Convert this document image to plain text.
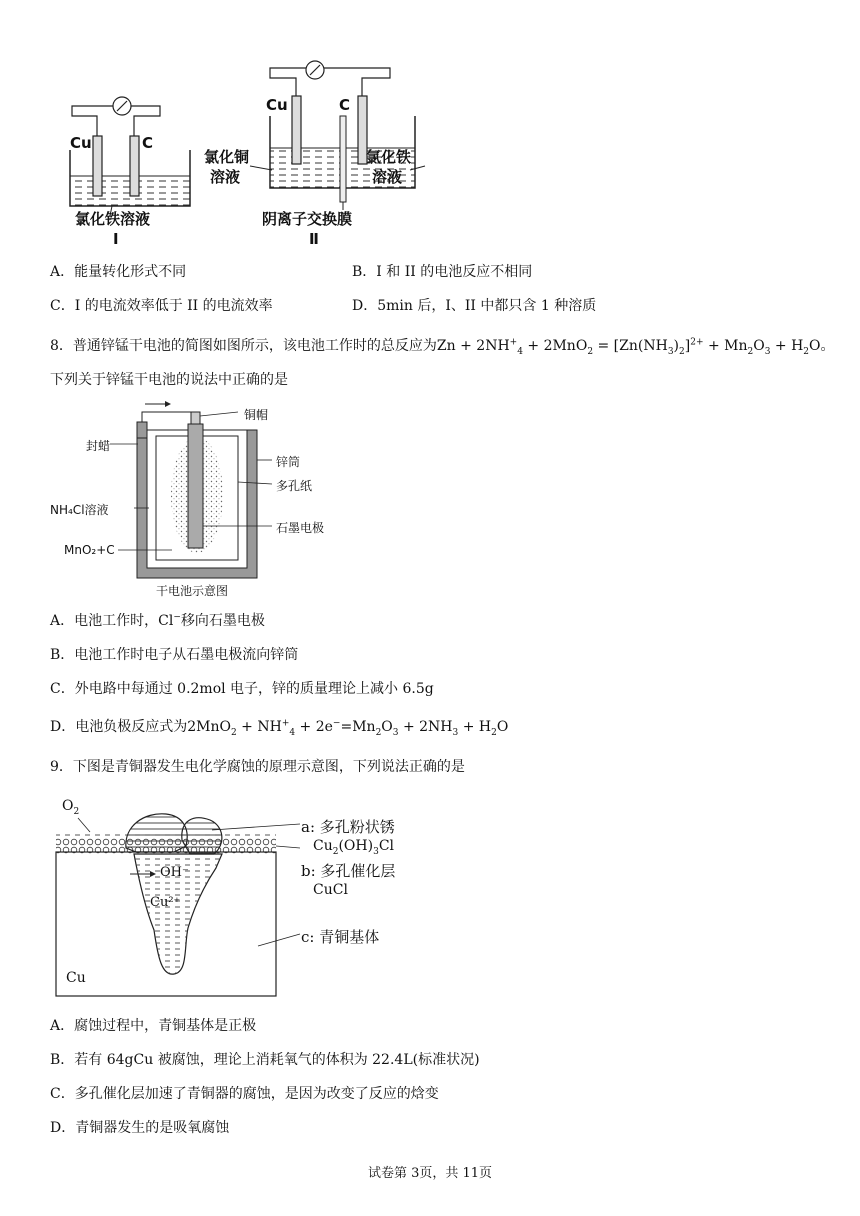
Cu	C
氯化铁溶液
Ⅰ
Cu	C
氯化铜
溶液
氯化铁
溶液
阴离子交换膜
Ⅱ
A．能量转化形式不同	B．I 和 II 的电池反应不相同
C．I 的电流效率低于 II 的电流效率	D．5min 后，I、II 中都只含 1 种溶质
8．普通锌锰干电池的简图如图所示，该电池工作时的总反应为$Zn + 2NH^+_4 + 2MnO_2 = [Zn(NH_3)_2]^{2+} + Mn_2O_3 + H_2O$。
下列关于锌锰干电池的说法中正确的是
铜帽
封蜡
锌筒
多孔纸
NH₄Cl溶液
石墨电极
MnO₂+C
干电池示意图
A．电池工作时，Cl−移向石墨电极
B．电池工作时电子从石墨电极流向锌筒
C．外电路中每通过 0.2mol 电子，锌的质量理论上减小 6.5g
D．电池负极反应式为$2MnO_2 + NH^+_4 + 2e^-=Mn_2O_3 + 2NH_3 + H_2O$
9．下图是青铜器发生电化学腐蚀的原理示意图，下列说法正确的是
$O_2$
OH⁻
Cu²⁺
Cu
a: 多孔粉状锈
$Cu_2(OH)_3Cl$
b: 多孔催化层
CuCl
c: 青铜基体
A．腐蚀过程中，青铜基体是正极
B．若有 64gCu 被腐蚀，理论上消耗氧气的体积为 22.4L(标准状况)
C．多孔催化层加速了青铜器的腐蚀，是因为改变了反应的焓变
D．青铜器发生的是吸氧腐蚀
试卷第 3页，共 11页
